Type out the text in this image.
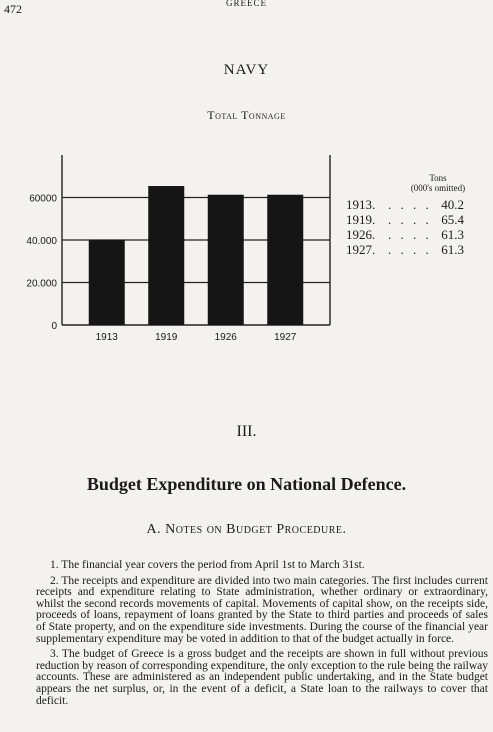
472	GREECE
NAVY
Total Tonnage
0
20.000
40.000
60000
1913	1919	1926	1927
Tons
(000's omitted)
1913. . . . . 40.2
1919. . . . . 65.4
1926. . . . . 61.3
1927. . . . . 61.3
III.
Budget Expenditure on National Defence.
A. Notes on Budget Procedure.

1. The financial year covers the period from April 1st to March 31st.

2. The receipts and expenditure are divided into two main categories. The first includes current receipts and expenditure relating to State administration, whether ordinary or extraordinary, whilst the second records movements of capital. Movements of capital show, on the receipts side, proceeds of loans, repayment of loans granted by the State to third parties and proceeds of sales of State property, and on the expenditure side investments. During the course of the financial year supplementary expenditure may be voted in addition to that of the budget actually in force.

3. The budget of Greece is a gross budget and the receipts are shown in full without previous reduction by reason of corresponding expenditure, the only exception to the rule being the railway accounts. These are administered as an independent public undertaking, and in the State budget appears the net surplus, or, in the event of a deficit, a State loan to the railways to cover that deficit.
